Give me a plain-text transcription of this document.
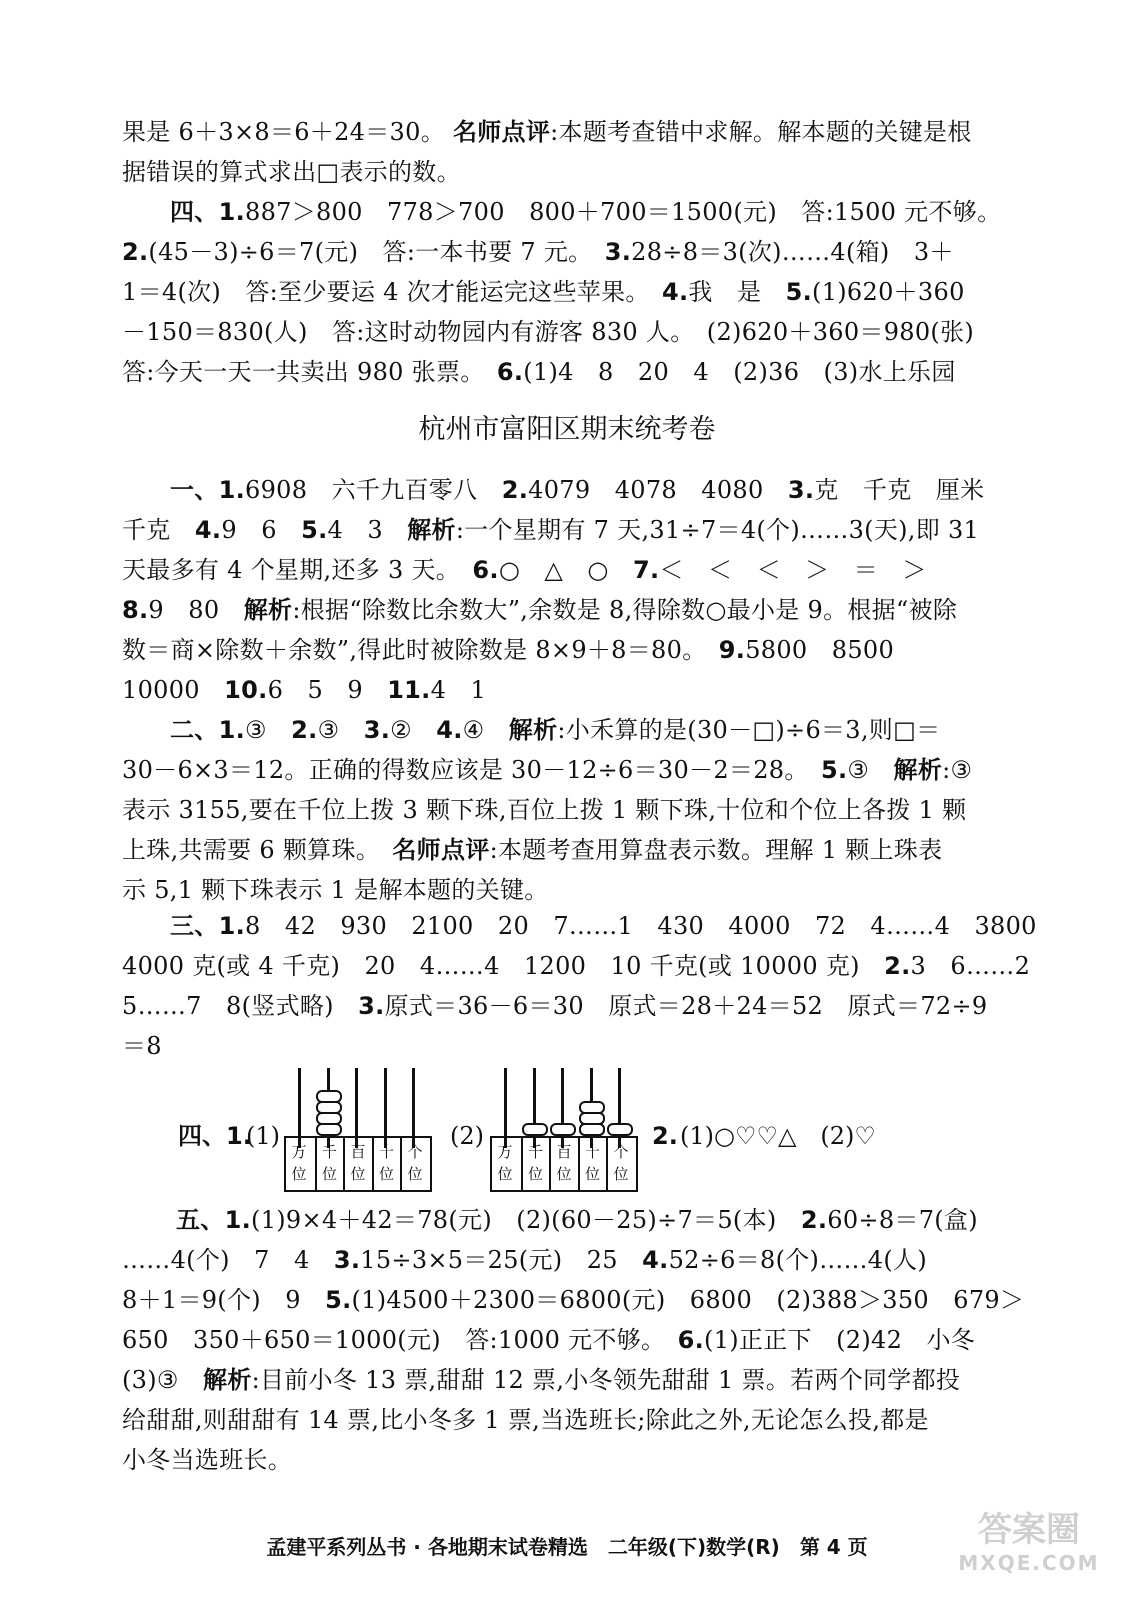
果是 6＋3×8＝6＋24＝30。 名师点评:本题考查错中求解。解本题的关键是根
据错误的算式求出□表示的数。
四、1.887＞800　778＞700　800＋700＝1500(元)　答:1500 元不够。
2.(45－3)÷6＝7(元)　答:一本书要 7 元。　3.28÷8＝3(次)……4(箱)　3＋
1＝4(次)　答:至少要运 4 次才能运完这些苹果。　4.我　是　5.(1)620＋360
－150＝830(人)　答:这时动物园内有游客 830 人。　(2)620＋360＝980(张)
答:今天一天一共卖出 980 张票。　6.(1)4　8　20　4　(2)36　(3)水上乐园
杭州市富阳区期末统考卷
一、1.6908　六千九百零八　2.4079　4078　4080　3.克　千克　厘米
千克　4.9　6　5.4　3　解析:一个星期有 7 天,31÷7＝4(个)……3(天),即 31
天最多有 4 个星期,还多 3 天。　6.○　△　○　7.＜　＜　＜　＞　＝　＞
8.9　80　解析:根据“除数比余数大”,余数是 8,得除数○最小是 9。根据“被除
数＝商×除数＋余数”,得此时被除数是 8×9＋8＝80。　9.5800　8500
10000　10.6　5　9　11.4　1
二、1.③　2.③　3.②　4.④　解析:小禾算的是(30－□)÷6＝3,则□＝
30－6×3＝12。正确的得数应该是 30－12÷6＝30－2＝28。　5.③　解析:③
表示 3155,要在千位上拨 3 颗下珠,百位上拨 1 颗下珠,十位和个位上各拨 1 颗
上珠,共需要 6 颗算珠。　名师点评:本题考查用算盘表示数。理解 1 颗上珠表
示 5,1 颗下珠表示 1 是解本题的关键。
三、1.8　42　930　2100　20　7……1　430　4000　72　4……4　3800
4000 克(或 4 千克)　20　4……4　1200　10 千克(或 10000 克)　2.3　6……2
5……7　8(竖式略)　3.原式＝36－6＝30　原式＝28＋24＝52　原式＝72÷9
＝8
四、1.
(1)
万
位
千
位
百
位
十
位
个
位
(2)
万
位
千
位
百
位
十
位
个
位
2. (1)○♡♡△　(2)♡
五、1.(1)9×4＋42＝78(元)　(2)(60－25)÷7＝5(本)　2.60÷8＝7(盒)
……4(个)　7　4　3.15÷3×5＝25(元)　25　4.52÷6＝8(个)……4(人)
8＋1＝9(个)　9　5.(1)4500＋2300＝6800(元)　6800　(2)388＞350　679＞
650　350＋650＝1000(元)　答:1000 元不够。　6.(1)正正下　(2)42　小冬
(3)③　解析:目前小冬 13 票,甜甜 12 票,小冬领先甜甜 1 票。若两个同学都投
给甜甜,则甜甜有 14 票,比小冬多 1 票,当选班长;除此之外,无论怎么投,都是
小冬当选班长。
孟建平系列丛书 · 各地期末试卷精选　二年级(下)数学(R)　第 4 页	答案圈
MXQE.COM
